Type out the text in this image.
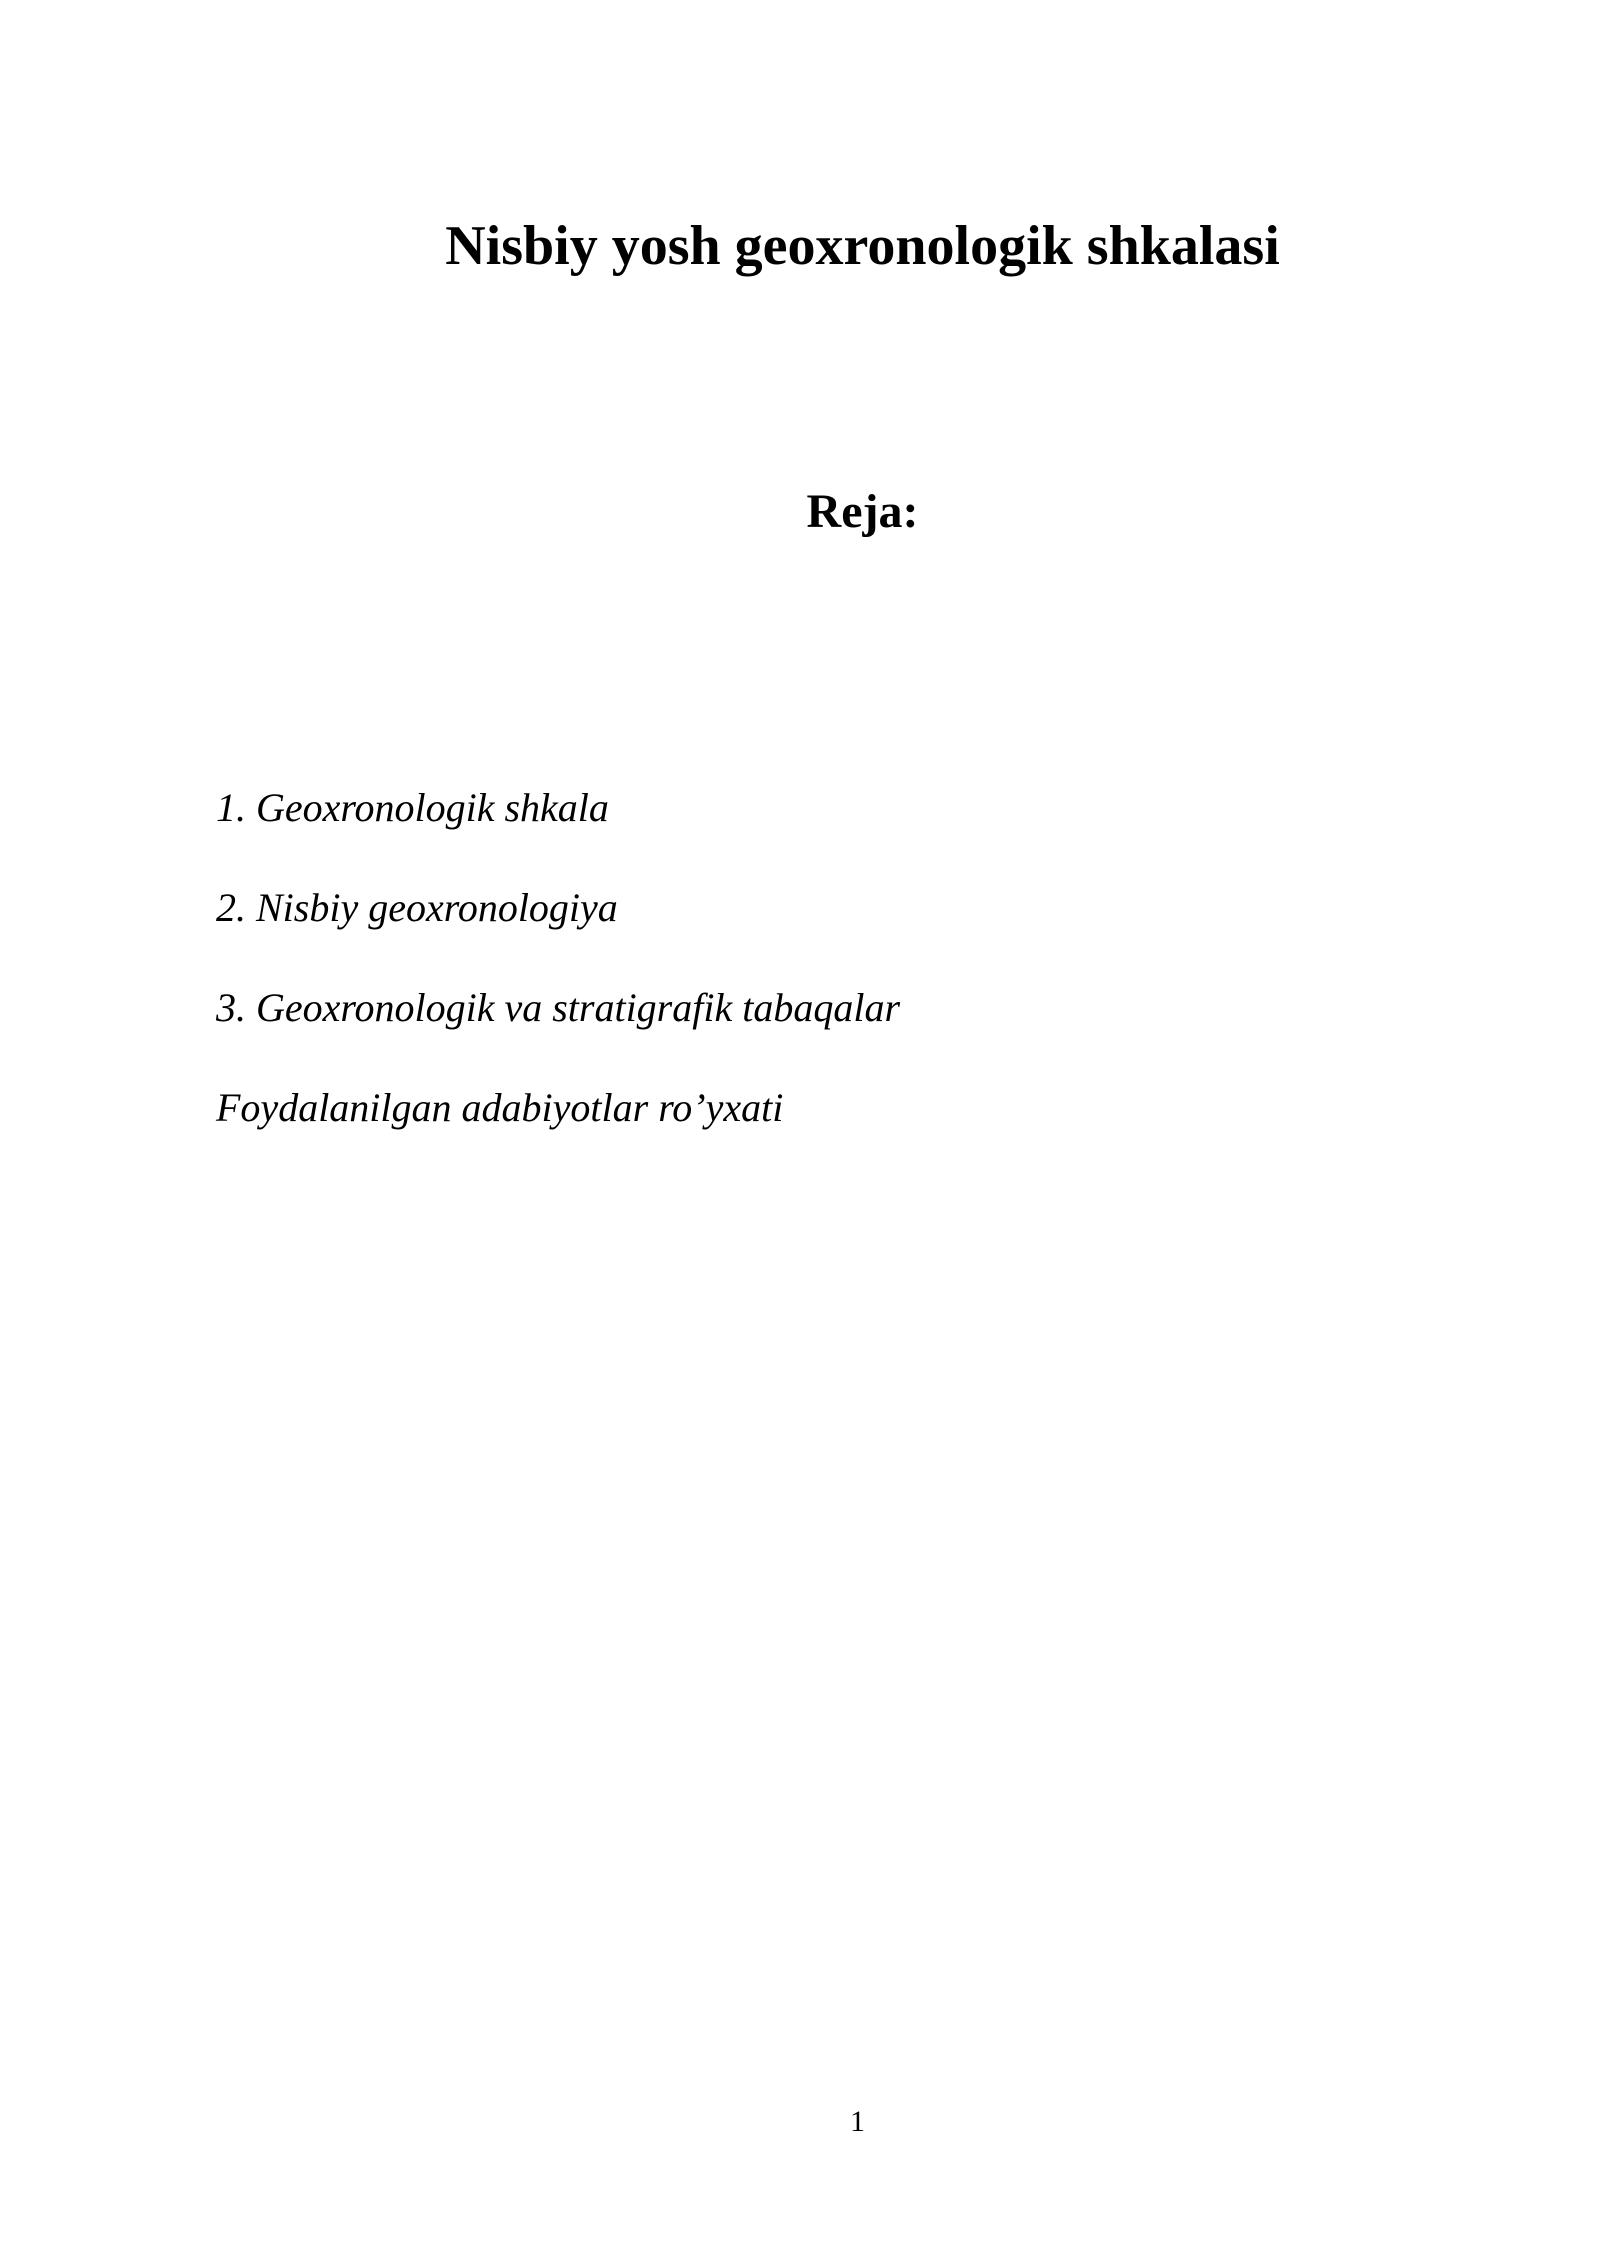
Nisbiy yosh geoxronologik shkalasi
Reja:
1. Geoxronologik shkala
2. Nisbiy geoxronologiya
3. Geoxronologik va stratigrafik tabaqalar
Foydalanilgan adabiyotlar ro’yxati
1
